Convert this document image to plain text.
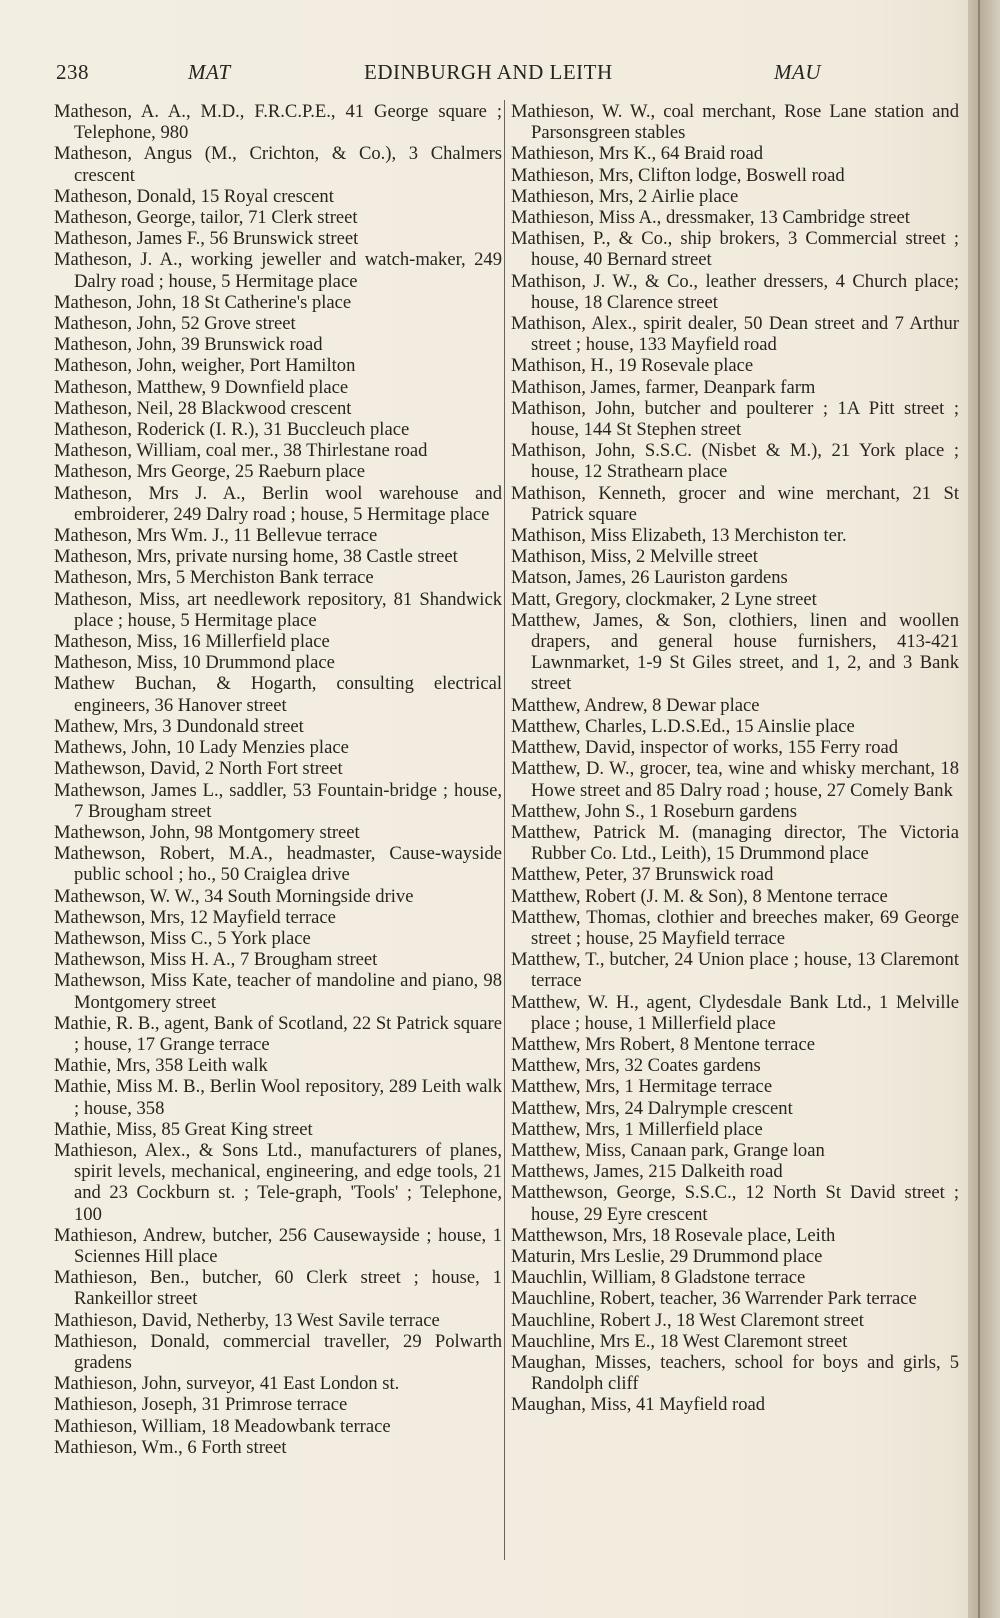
238	MAT	EDINBURGH AND LEITH	MAU

Matheson, A. A., M.D., F.R.C.P.E., 41 George square ; Telephone, 980

Matheson, Angus (M., Crichton, & Co.), 3 Chalmers crescent

Matheson, Donald, 15 Royal crescent

Matheson, George, tailor, 71 Clerk street

Matheson, James F., 56 Brunswick street

Matheson, J. A., working jeweller and watch-maker, 249 Dalry road ; house, 5 Hermitage place

Matheson, John, 18 St Catherine's place

Matheson, John, 52 Grove street

Matheson, John, 39 Brunswick road

Matheson, John, weigher, Port Hamilton

Matheson, Matthew, 9 Downfield place

Matheson, Neil, 28 Blackwood crescent

Matheson, Roderick (I. R.), 31 Buccleuch place

Matheson, William, coal mer., 38 Thirlestane road

Matheson, Mrs George, 25 Raeburn place

Matheson, Mrs J. A., Berlin wool warehouse and embroiderer, 249 Dalry road ; house, 5 Hermitage place

Matheson, Mrs Wm. J., 11 Bellevue terrace

Matheson, Mrs, private nursing home, 38 Castle street

Matheson, Mrs, 5 Merchiston Bank terrace

Matheson, Miss, art needlework repository, 81 Shandwick place ; house, 5 Hermitage place

Matheson, Miss, 16 Millerfield place

Matheson, Miss, 10 Drummond place

Mathew Buchan, & Hogarth, consulting electrical engineers, 36 Hanover street

Mathew, Mrs, 3 Dundonald street

Mathews, John, 10 Lady Menzies place

Mathewson, David, 2 North Fort street

Mathewson, James L., saddler, 53 Fountain-bridge ; house, 7 Brougham street

Mathewson, John, 98 Montgomery street

Mathewson, Robert, M.A., headmaster, Cause-wayside public school ; ho., 50 Craiglea drive

Mathewson, W. W., 34 South Morningside drive

Mathewson, Mrs, 12 Mayfield terrace

Mathewson, Miss C., 5 York place

Mathewson, Miss H. A., 7 Brougham street

Mathewson, Miss Kate, teacher of mandoline and piano, 98 Montgomery street

Mathie, R. B., agent, Bank of Scotland, 22 St Patrick square ; house, 17 Grange terrace

Mathie, Mrs, 358 Leith walk

Mathie, Miss M. B., Berlin Wool repository, 289 Leith walk ; house, 358

Mathie, Miss, 85 Great King street

Mathieson, Alex., & Sons Ltd., manufacturers of planes, spirit levels, mechanical, engineering, and edge tools, 21 and 23 Cockburn st. ; Tele-graph, 'Tools' ; Telephone, 100

Mathieson, Andrew, butcher, 256 Causewayside ; house, 1 Sciennes Hill place

Mathieson, Ben., butcher, 60 Clerk street ; house, 1 Rankeillor street

Mathieson, David, Netherby, 13 West Savile terrace

Mathieson, Donald, commercial traveller, 29 Polwarth gradens

Mathieson, John, surveyor, 41 East London st.

Mathieson, Joseph, 31 Primrose terrace

Mathieson, William, 18 Meadowbank terrace

Mathieson, Wm., 6 Forth street

Mathieson, W. W., coal merchant, Rose Lane station and Parsonsgreen stables

Mathieson, Mrs K., 64 Braid road

Mathieson, Mrs, Clifton lodge, Boswell road

Mathieson, Mrs, 2 Airlie place

Mathieson, Miss A., dressmaker, 13 Cambridge street

Mathisen, P., & Co., ship brokers, 3 Commercial street ; house, 40 Bernard street

Mathison, J. W., & Co., leather dressers, 4 Church place; house, 18 Clarence street

Mathison, Alex., spirit dealer, 50 Dean street and 7 Arthur street ; house, 133 Mayfield road

Mathison, H., 19 Rosevale place

Mathison, James, farmer, Deanpark farm

Mathison, John, butcher and poulterer ; 1A Pitt street ; house, 144 St Stephen street

Mathison, John, S.S.C. (Nisbet & M.), 21 York place ; house, 12 Strathearn place

Mathison, Kenneth, grocer and wine merchant, 21 St Patrick square

Mathison, Miss Elizabeth, 13 Merchiston ter.

Mathison, Miss, 2 Melville street

Matson, James, 26 Lauriston gardens

Matt, Gregory, clockmaker, 2 Lyne street

Matthew, James, & Son, clothiers, linen and woollen drapers, and general house furnishers, 413-421 Lawnmarket, 1-9 St Giles street, and 1, 2, and 3 Bank street

Matthew, Andrew, 8 Dewar place

Matthew, Charles, L.D.S.Ed., 15 Ainslie place

Matthew, David, inspector of works, 155 Ferry road

Matthew, D. W., grocer, tea, wine and whisky merchant, 18 Howe street and 85 Dalry road ; house, 27 Comely Bank

Matthew, John S., 1 Roseburn gardens

Matthew, Patrick M. (managing director, The Victoria Rubber Co. Ltd., Leith), 15 Drummond place

Matthew, Peter, 37 Brunswick road

Matthew, Robert (J. M. & Son), 8 Mentone terrace

Matthew, Thomas, clothier and breeches maker, 69 George street ; house, 25 Mayfield terrace

Matthew, T., butcher, 24 Union place ; house, 13 Claremont terrace

Matthew, W. H., agent, Clydesdale Bank Ltd., 1 Melville place ; house, 1 Millerfield place

Matthew, Mrs Robert, 8 Mentone terrace

Matthew, Mrs, 32 Coates gardens

Matthew, Mrs, 1 Hermitage terrace

Matthew, Mrs, 24 Dalrymple crescent

Matthew, Mrs, 1 Millerfield place

Matthew, Miss, Canaan park, Grange loan

Matthews, James, 215 Dalkeith road

Matthewson, George, S.S.C., 12 North St David street ; house, 29 Eyre crescent

Matthewson, Mrs, 18 Rosevale place, Leith

Maturin, Mrs Leslie, 29 Drummond place

Mauchlin, William, 8 Gladstone terrace

Mauchline, Robert, teacher, 36 Warrender Park terrace

Mauchline, Robert J., 18 West Claremont street

Mauchline, Mrs E., 18 West Claremont street

Maughan, Misses, teachers, school for boys and girls, 5 Randolph cliff

Maughan, Miss, 41 Mayfield road
